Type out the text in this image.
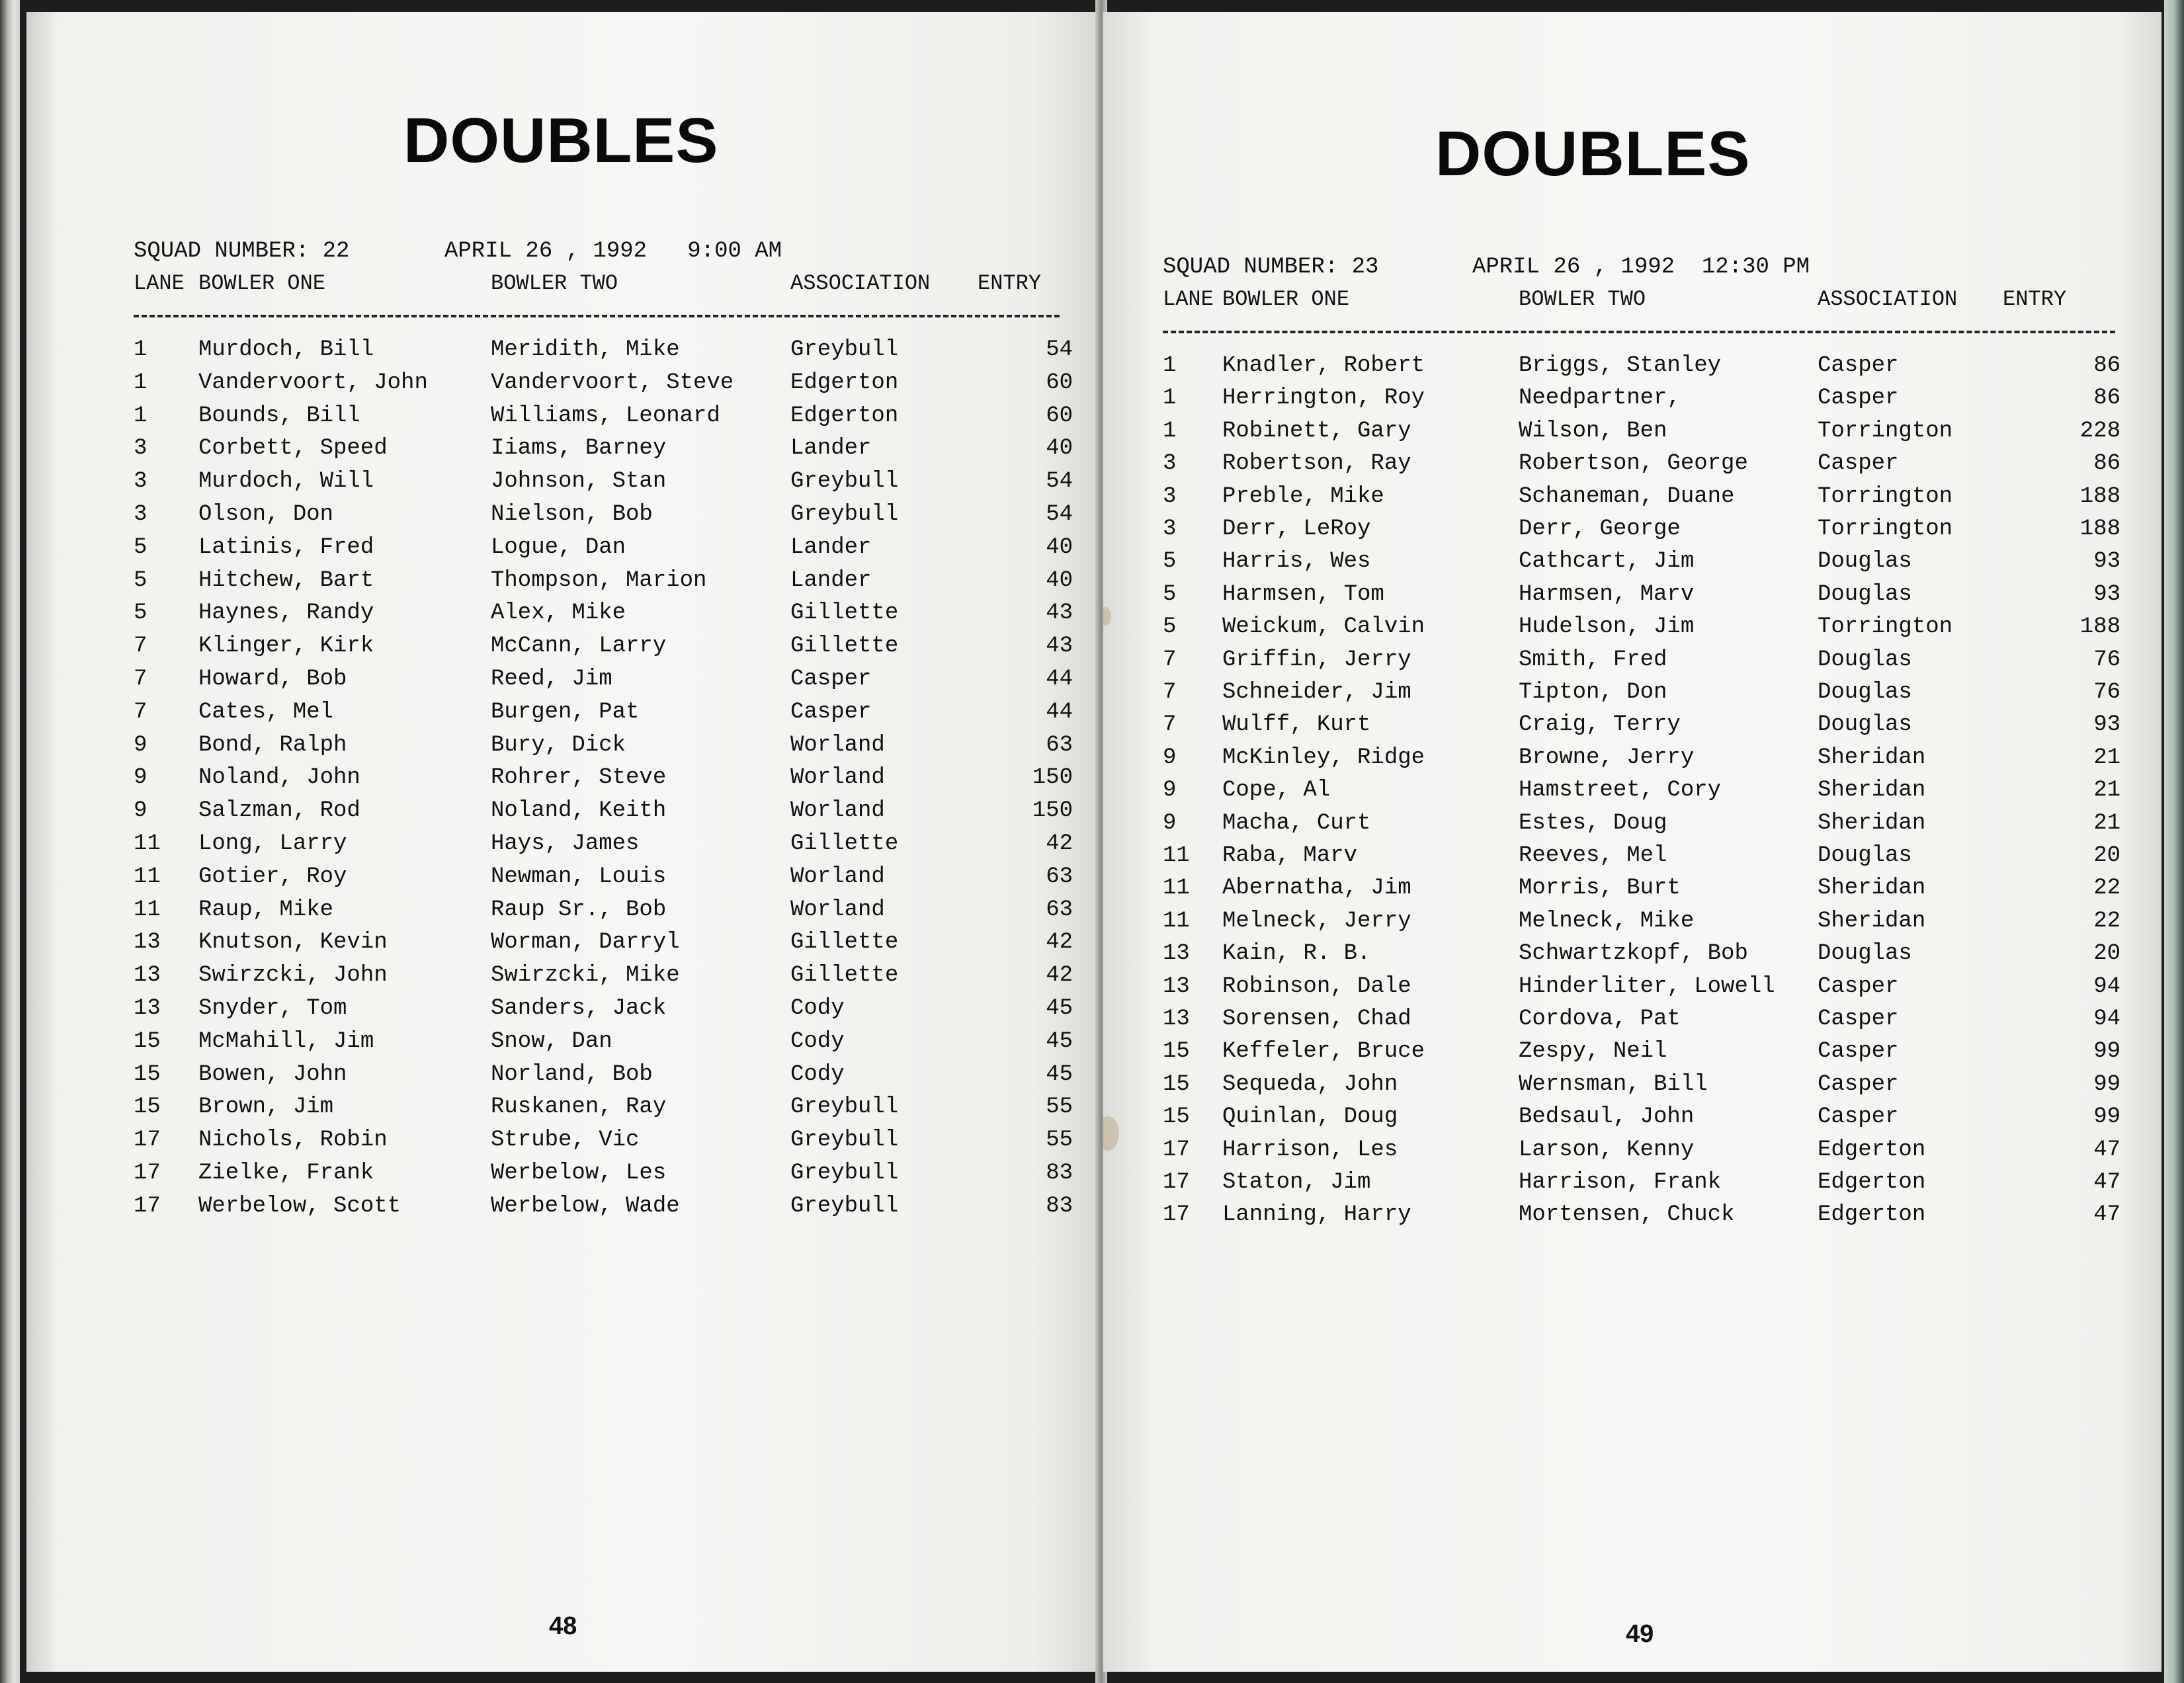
DOUBLES
SQUAD NUMBER: 22	APRIL 26 , 1992   9:00 AM
LANE BOWLER ONE	BOWLER TWO	ASSOCIATION ENTRY
1 Murdoch, Bill	Meridith, Mike	Greybull	54
1 Vandervoort, John	Vandervoort, Steve	Edgerton	60
1 Bounds, Bill	Williams, Leonard	Edgerton	60
3 Corbett, Speed	Iiams, Barney	Lander	40
3 Murdoch, Will	Johnson, Stan	Greybull	54
3 Olson, Don	Nielson, Bob	Greybull	54
5 Latinis, Fred	Logue, Dan	Lander	40
5 Hitchew, Bart	Thompson, Marion	Lander	40
5 Haynes, Randy	Alex, Mike	Gillette	43
7 Klinger, Kirk	McCann, Larry	Gillette	43
7 Howard, Bob	Reed, Jim	Casper	44
7 Cates, Mel	Burgen, Pat	Casper	44
9 Bond, Ralph	Bury, Dick	Worland	63
9 Noland, John	Rohrer, Steve	Worland	150
9 Salzman, Rod	Noland, Keith	Worland	150
11 Long, Larry	Hays, James	Gillette	42
11 Gotier, Roy	Newman, Louis	Worland	63
11 Raup, Mike	Raup Sr., Bob	Worland	63
13 Knutson, Kevin	Worman, Darryl	Gillette	42
13 Swirzcki, John	Swirzcki, Mike	Gillette	42
13 Snyder, Tom	Sanders, Jack	Cody	45
15 McMahill, Jim	Snow, Dan	Cody	45
15 Bowen, John	Norland, Bob	Cody	45
15 Brown, Jim	Ruskanen, Ray	Greybull	55
17 Nichols, Robin	Strube, Vic	Greybull	55
17 Zielke, Frank	Werbelow, Les	Greybull	83
17 Werbelow, Scott	Werbelow, Wade	Greybull	83
48
DOUBLES
SQUAD NUMBER: 23	APRIL 26 , 1992  12:30 PM
LANE BOWLER ONE	BOWLER TWO	ASSOCIATION ENTRY
1 Knadler, Robert	Briggs, Stanley	Casper	86
1 Herrington, Roy	Needpartner,	Casper	86
1 Robinett, Gary	Wilson, Ben	Torrington	228
3 Robertson, Ray	Robertson, George	Casper	86
3 Preble, Mike	Schaneman, Duane	Torrington	188
3 Derr, LeRoy	Derr, George	Torrington	188
5 Harris, Wes	Cathcart, Jim	Douglas	93
5 Harmsen, Tom	Harmsen, Marv	Douglas	93
5 Weickum, Calvin	Hudelson, Jim	Torrington	188
7 Griffin, Jerry	Smith, Fred	Douglas	76
7 Schneider, Jim	Tipton, Don	Douglas	76
7 Wulff, Kurt	Craig, Terry	Douglas	93
9 McKinley, Ridge	Browne, Jerry	Sheridan	21
9 Cope, Al	Hamstreet, Cory	Sheridan	21
9 Macha, Curt	Estes, Doug	Sheridan	21
11 Raba, Marv	Reeves, Mel	Douglas	20
11 Abernatha, Jim	Morris, Burt	Sheridan	22
11 Melneck, Jerry	Melneck, Mike	Sheridan	22
13 Kain, R. B.	Schwartzkopf, Bob	Douglas	20
13 Robinson, Dale	Hinderliter, Lowell Casper	94
13 Sorensen, Chad	Cordova, Pat	Casper	94
15 Keffeler, Bruce	Zespy, Neil	Casper	99
15 Sequeda, John	Wernsman, Bill	Casper	99
15 Quinlan, Doug	Bedsaul, John	Casper	99
17 Harrison, Les	Larson, Kenny	Edgerton	47
17 Staton, Jim	Harrison, Frank	Edgerton	47
17 Lanning, Harry	Mortensen, Chuck	Edgerton	47
49
